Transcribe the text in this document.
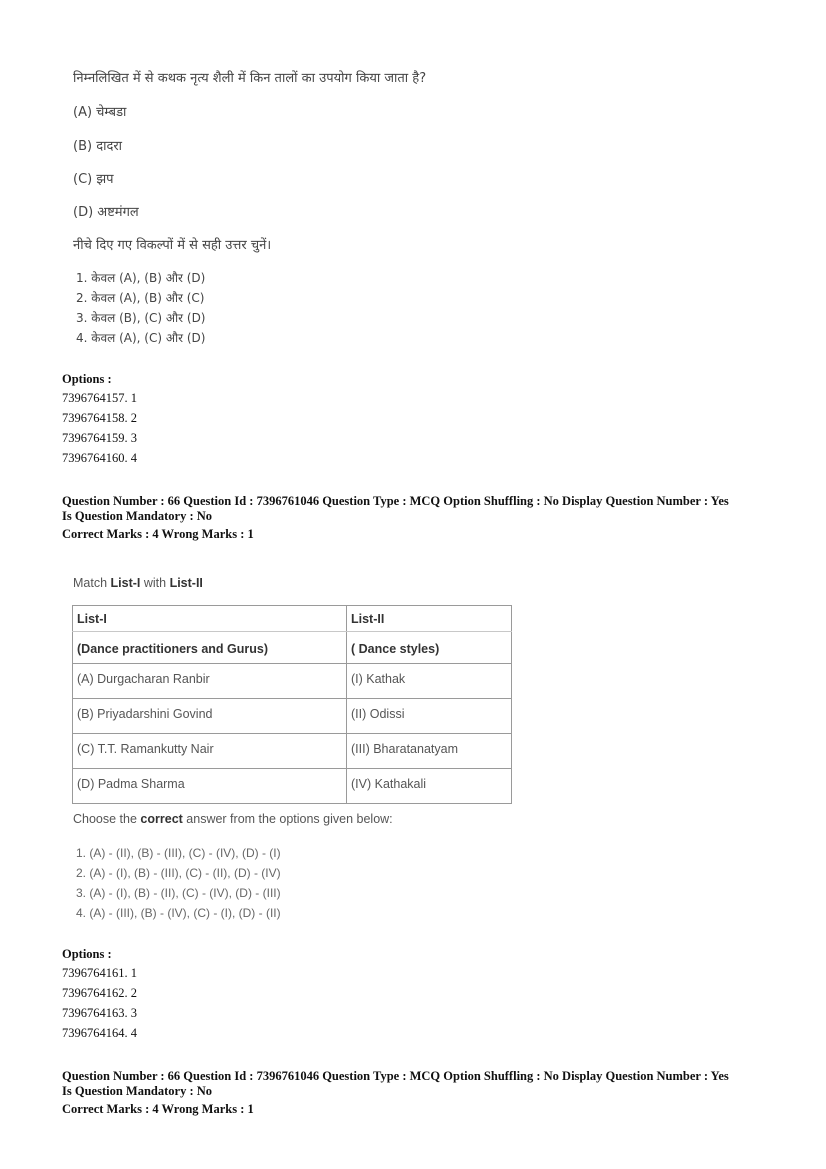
निम्नलिखित में से कथक नृत्य शैली में किन तालों का उपयोग किया जाता है?
(A) चेम्बडा
(B) दादरा
(C) झप
(D) अष्टमंगल
नीचे दिए गए विकल्पों में से सही उत्तर चुनें।
1. केवल (A), (B) और (D)
2. केवल (A), (B) और (C)
3. केवल (B), (C) और (D)
4. केवल (A), (C) और (D)
Options :
7396764157. 1
7396764158. 2
7396764159. 3
7396764160. 4
Question Number : 66 Question Id : 7396761046 Question Type : MCQ Option Shuffling : No Display Question Number : Yes
Is Question Mandatory : No
Correct Marks : 4 Wrong Marks : 1
Match List-I with List-II
List-I	List-II
(Dance practitioners and Gurus)	( Dance styles)
(A) Durgacharan Ranbir	(I) Kathak
(B) Priyadarshini Govind	(II) Odissi
(C) T.T. Ramankutty Nair	(III) Bharatanatyam
(D) Padma Sharma	(IV) Kathakali
Choose the correct answer from the options given below:
1. (A) - (II), (B) - (III), (C) - (IV), (D) - (I)
2. (A) - (I), (B) - (III), (C) - (II), (D) - (IV)
3. (A) - (I), (B) - (II), (C) - (IV), (D) - (III)
4. (A) - (III), (B) - (IV), (C) - (I), (D) - (II)
Options :
7396764161. 1
7396764162. 2
7396764163. 3
7396764164. 4
Question Number : 66 Question Id : 7396761046 Question Type : MCQ Option Shuffling : No Display Question Number : Yes
Is Question Mandatory : No
Correct Marks : 4 Wrong Marks : 1
